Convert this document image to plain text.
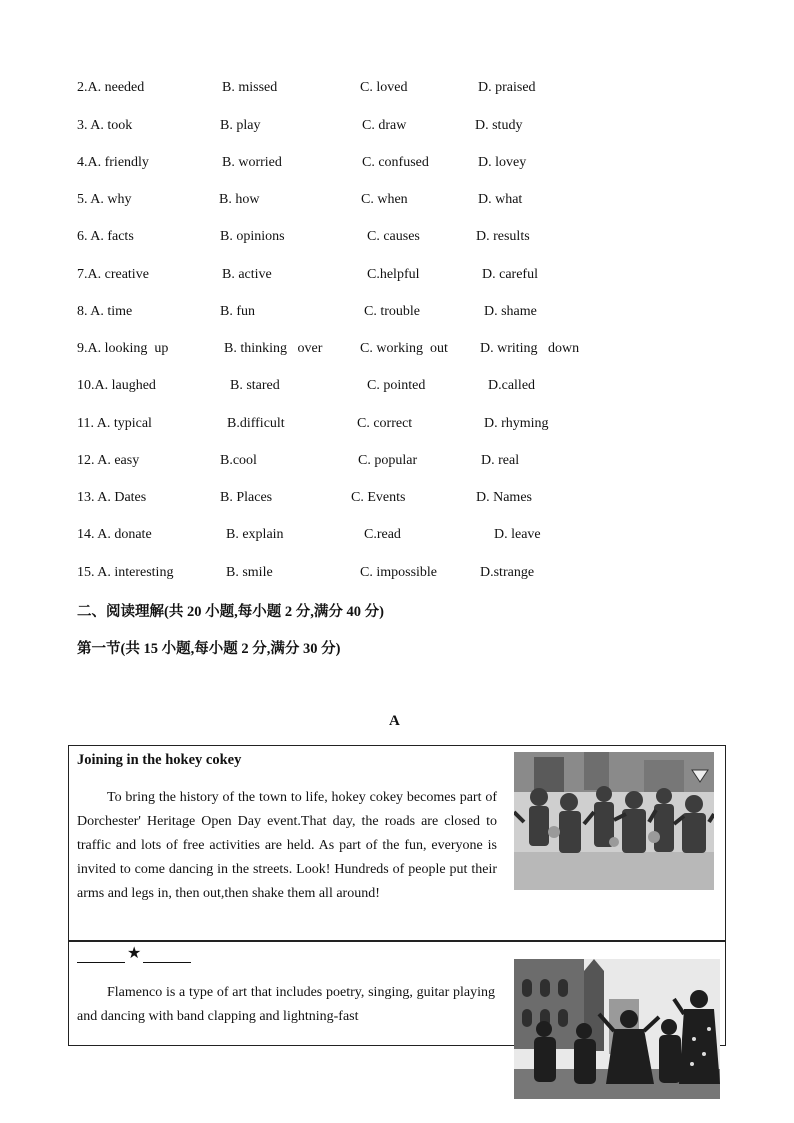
2.A. needed	B. missed	C. loved	D. praised
3. A. took	B. play	C. draw	D. study
4.A. friendly	B. worried	C. confused	D. lovey
5. A. why	B. how	C. when	D. what
6. A. facts	B. opinions	C. causes	D. results
7.A. creative	B. active	C.helpful	D. careful
8. A. time	B. fun	C. trouble	D. shame
9.A. looking  up	B. thinking   over	C. working  out D. writing   down
10.A. laughed	B. stared	C. pointed	D.called
11. A. typical	B.difficult	C. correct	D. rhyming
12. A. easy	B.cool	C. popular	D. real
13. A. Dates	B. Places	C. Events	D. Names
14. A. donate	B. explain	C.read	D. leave
15. A. interesting	B. smile	C. impossible	D.strange
二、阅读理解(共 20 小题,每小题 2 分,满分 40 分)
第一节(共 15 小题,每小题 2 分,满分 30 分)
A
Joining in the hokey cokey
To bring the history of the town to life, hokey cokey becomes part of Dorchester' Heritage Open Day event.That day, the roads are closed to traffic and lots of free activities are held. As part of the fun, everyone is invited to come dancing in the streets. Look! Hundreds of people put their arms and legs in, then out,then shake them all around!
★
Flamenco is a type of art that includes poetry, singing, guitar playing and dancing with band clapping and lightning-fast
